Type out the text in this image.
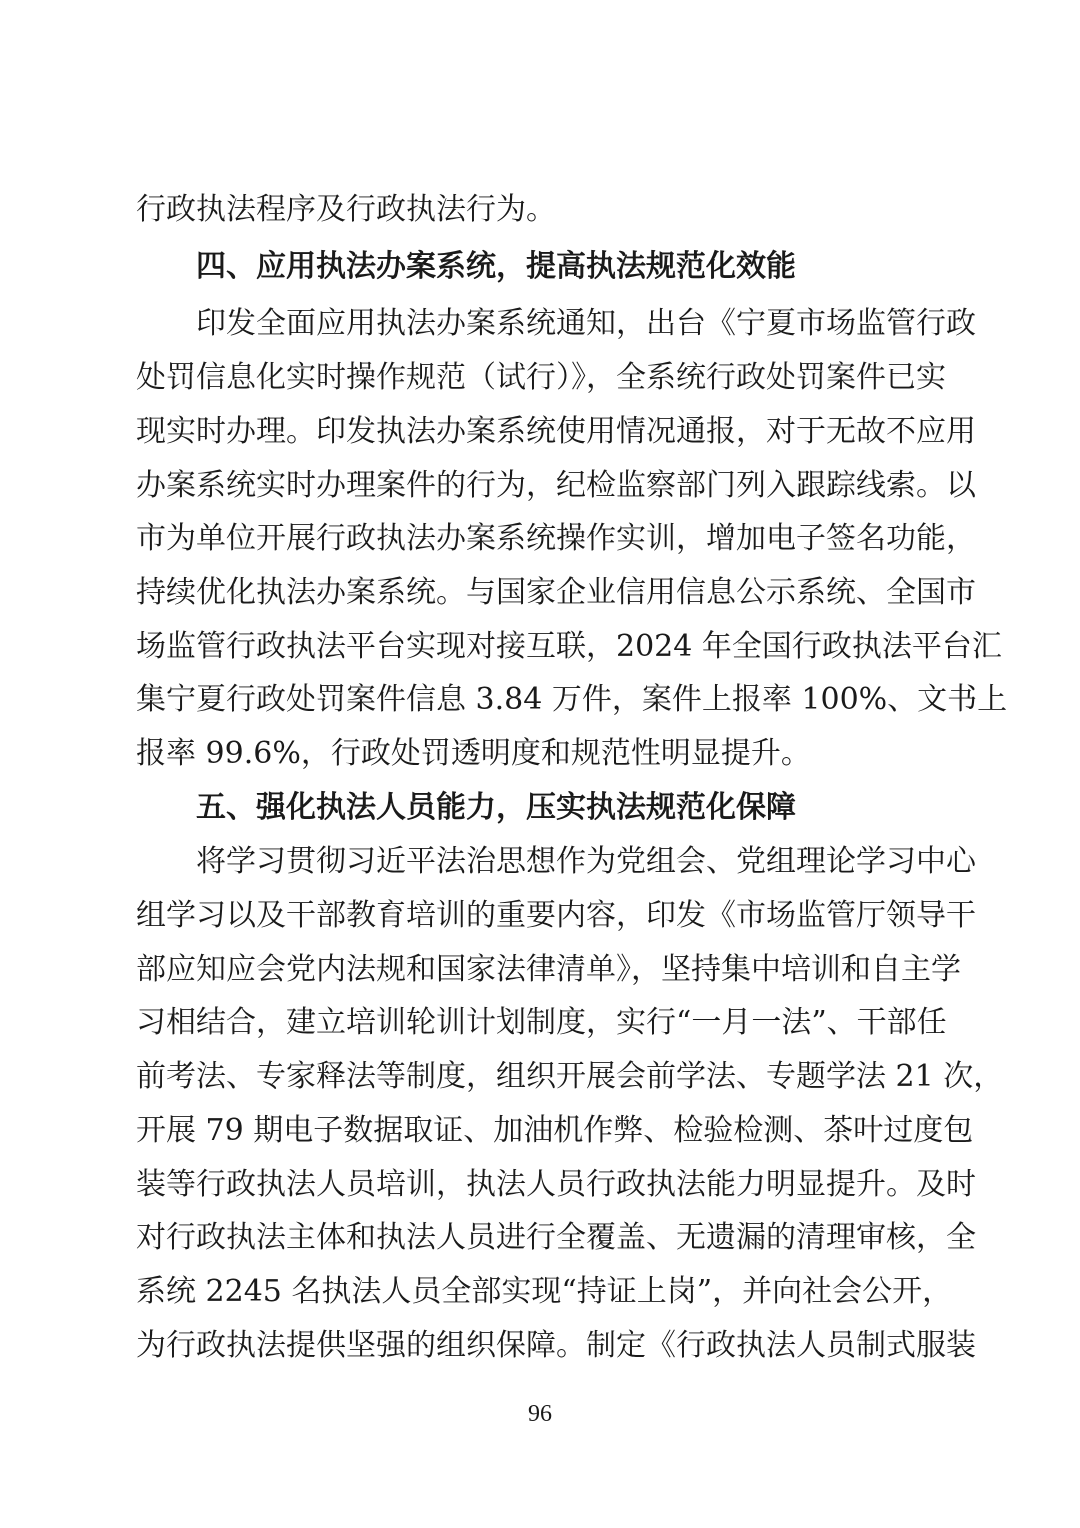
行政执法程序及行政执法行为。
四、应用执法办案系统，提高执法规范化效能
印发全面应用执法办案系统通知，出台《宁夏市场监管行政
处罚信息化实时操作规范（试行）》，全系统行政处罚案件已实
现实时办理。印发执法办案系统使用情况通报，对于无故不应用
办案系统实时办理案件的行为，纪检监察部门列入跟踪线索。以
市为单位开展行政执法办案系统操作实训，增加电子签名功能，
持续优化执法办案系统。与国家企业信用信息公示系统、全国市
场监管行政执法平台实现对接互联，2024 年全国行政执法平台汇
集宁夏行政处罚案件信息 3.84 万件，案件上报率 100%、文书上
报率 99.6%，行政处罚透明度和规范性明显提升。
五、强化执法人员能力，压实执法规范化保障
将学习贯彻习近平法治思想作为党组会、党组理论学习中心
组学习以及干部教育培训的重要内容，印发《市场监管厅领导干
部应知应会党内法规和国家法律清单》，坚持集中培训和自主学
习相结合，建立培训轮训计划制度，实行“一月一法”、干部任
前考法、专家释法等制度，组织开展会前学法、专题学法 21 次，
开展 79 期电子数据取证、加油机作弊、检验检测、茶叶过度包
装等行政执法人员培训，执法人员行政执法能力明显提升。及时
对行政执法主体和执法人员进行全覆盖、无遗漏的清理审核，全
系统 2245 名执法人员全部实现“持证上岗”，并向社会公开，
为行政执法提供坚强的组织保障。制定《行政执法人员制式服装
96
